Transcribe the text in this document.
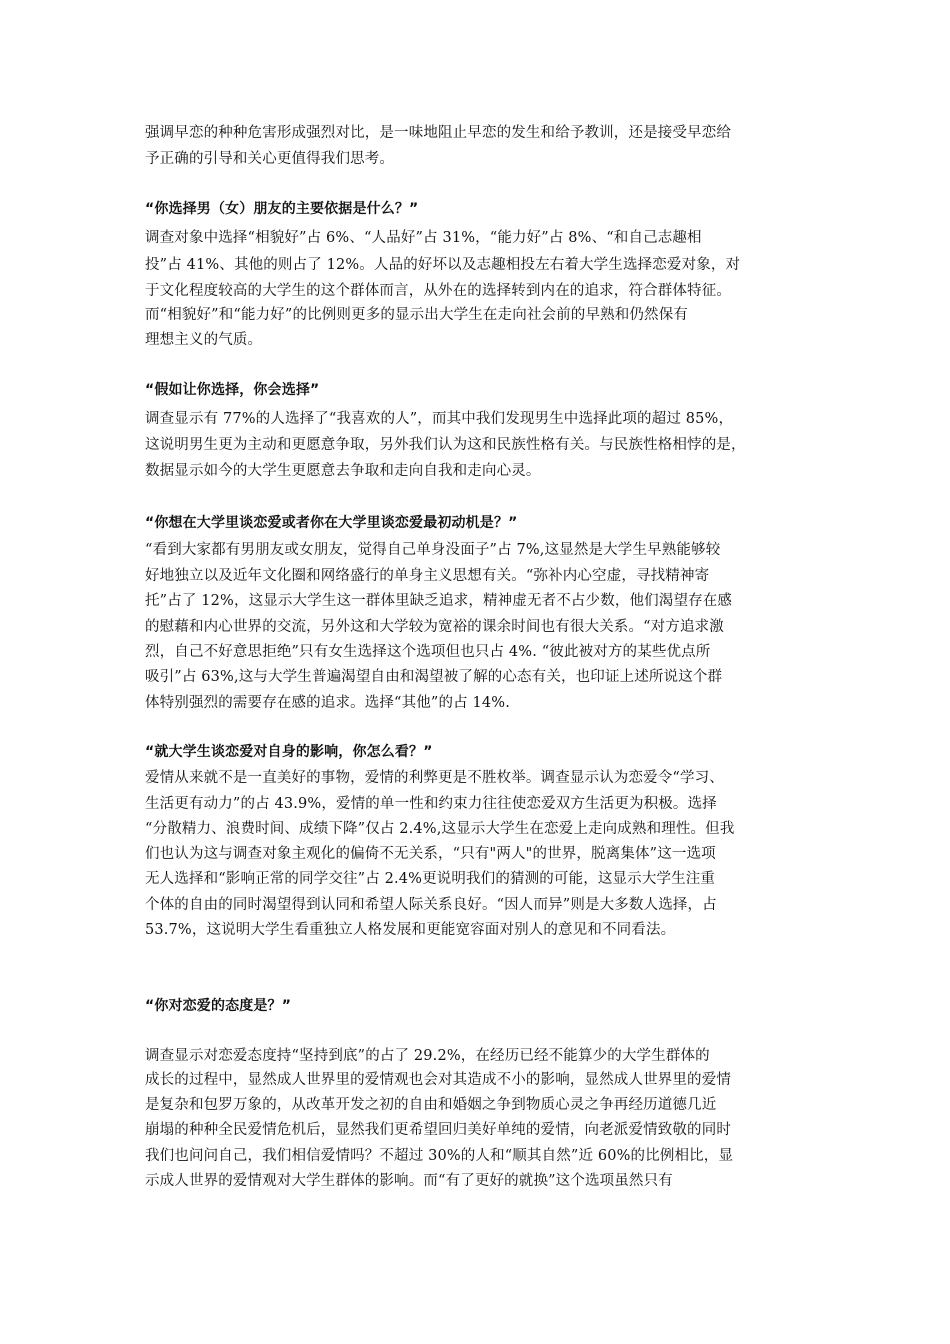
强调早恋的种种危害形成强烈对比，是一味地阻止早恋的发生和给予教训，还是接受早恋给
予正确的引导和关心更值得我们思考。
“你选择男（女）朋友的主要依据是什么？”
调查对象中选择“相貌好”占 6%、“人品好”占 31%，“能力好”占 8%、“和自己志趣相
投”占 41%、其他的则占了 12%。人品的好坏以及志趣相投左右着大学生选择恋爱对象，对
于文化程度较高的大学生的这个群体而言，从外在的选择转到内在的追求，符合群体特征。
而“相貌好”和“能力好”的比例则更多的显示出大学生在走向社会前的早熟和仍然保有
理想主义的气质。
“假如让你选择，你会选择”
调查显示有 77%的人选择了“我喜欢的人”，而其中我们发现男生中选择此项的超过 85%，
这说明男生更为主动和更愿意争取，另外我们认为这和民族性格有关。与民族性格相悖的是，
数据显示如今的大学生更愿意去争取和走向自我和走向心灵。
“你想在大学里谈恋爱或者你在大学里谈恋爱最初动机是？”
“看到大家都有男朋友或女朋友，觉得自己单身没面子”占 7%,这显然是大学生早熟能够较
好地独立以及近年文化圈和网络盛行的单身主义思想有关。“弥补内心空虚，寻找精神寄
托”占了 12%，这显示大学生这一群体里缺乏追求，精神虚无者不占少数，他们渴望存在感
的慰藉和内心世界的交流，另外这和大学较为宽裕的课余时间也有很大关系。“对方追求激
烈，自己不好意思拒绝”只有女生选择这个选项但也只占 4%. “彼此被对方的某些优点所
吸引”占 63%,这与大学生普遍渴望自由和渴望被了解的心态有关，也印证上述所说这个群
体特别强烈的需要存在感的追求。选择“其他”的占 14%.
“就大学生谈恋爱对自身的影响，你怎么看？”
爱情从来就不是一直美好的事物，爱情的利弊更是不胜枚举。调查显示认为恋爱令“学习、
生活更有动力”的占 43.9%，爱情的单一性和约束力往往使恋爱双方生活更为积极。选择
“分散精力、浪费时间、成绩下降”仅占 2.4%,这显示大学生在恋爱上走向成熟和理性。但我
们也认为这与调查对象主观化的偏倚不无关系，“只有"两人"的世界，脱离集体”这一选项
无人选择和“影响正常的同学交往”占 2.4%更说明我们的猜测的可能，这显示大学生注重
个体的自由的同时渴望得到认同和希望人际关系良好。“因人而异”则是大多数人选择，占
53.7%，这说明大学生看重独立人格发展和更能宽容面对别人的意见和不同看法。
“你对恋爱的态度是？”
调查显示对恋爱态度持“坚持到底”的占了 29.2%，在经历已经不能算少的大学生群体的
成长的过程中，显然成人世界里的爱情观也会对其造成不小的影响，显然成人世界里的爱情
是复杂和包罗万象的，从改革开发之初的自由和婚姻之争到物质心灵之争再经历道德几近
崩塌的种种全民爱情危机后，显然我们更希望回归美好单纯的爱情，向老派爱情致敬的同时
我们也问问自己，我们相信爱情吗？不超过 30%的人和“顺其自然”近 60%的比例相比，显
示成人世界的爱情观对大学生群体的影响。而“有了更好的就换”这个选项虽然只有
